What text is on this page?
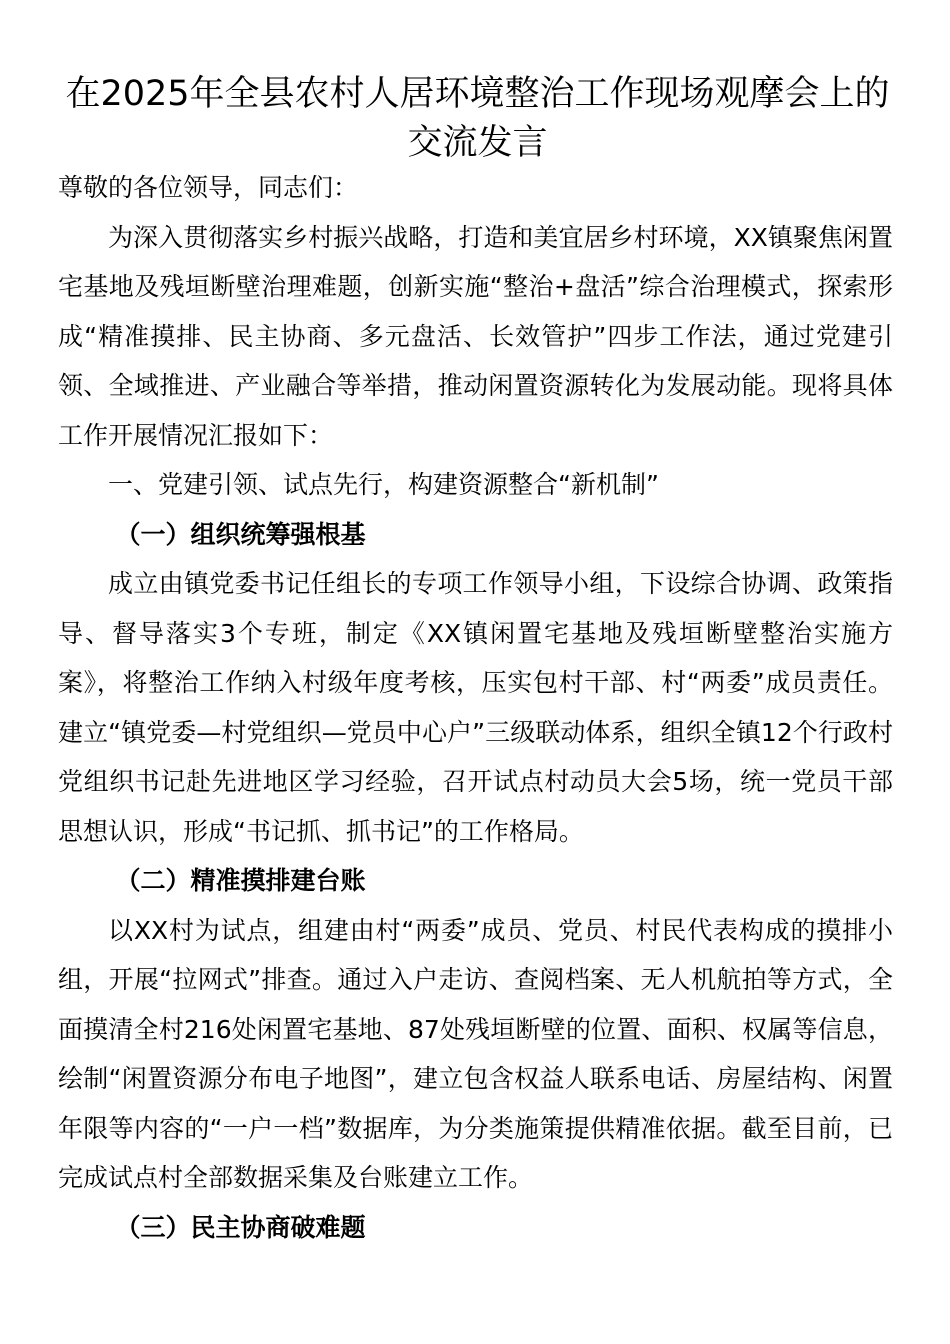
在2025年全县农村人居环境整治工作现场观摩会上的交流发言

尊敬的各位领导，同志们：

为深入贯彻落实乡村振兴战略，打造和美宜居乡村环境，XX镇聚焦闲置宅基地及残垣断壁治理难题，创新实施“整治+盘活”综合治理模式，探索形成“精准摸排、民主协商、多元盘活、长效管护”四步工作法，通过党建引领、全域推进、产业融合等举措，推动闲置资源转化为发展动能。现将具体工作开展情况汇报如下：

一、党建引领、试点先行，构建资源整合“新机制”

（一）组织统筹强根基

成立由镇党委书记任组长的专项工作领导小组，下设综合协调、政策指导、督导落实3个专班，制定《XX镇闲置宅基地及残垣断壁整治实施方案》，将整治工作纳入村级年度考核，压实包村干部、村“两委”成员责任。建立“镇党委—村党组织—党员中心户”三级联动体系，组织全镇12个行政村党组织书记赴先进地区学习经验，召开试点村动员大会5场，统一党员干部思想认识，形成“书记抓、抓书记”的工作格局。

（二）精准摸排建台账

以XX村为试点，组建由村“两委”成员、党员、村民代表构成的摸排小组，开展“拉网式”排查。通过入户走访、查阅档案、无人机航拍等方式，全面摸清全村216处闲置宅基地、87处残垣断壁的位置、面积、权属等信息，绘制“闲置资源分布电子地图”，建立包含权益人联系电话、房屋结构、闲置年限等内容的“一户一档”数据库，为分类施策提供精准依据。截至目前，已完成试点村全部数据采集及台账建立工作。

（三）民主协商破难题
